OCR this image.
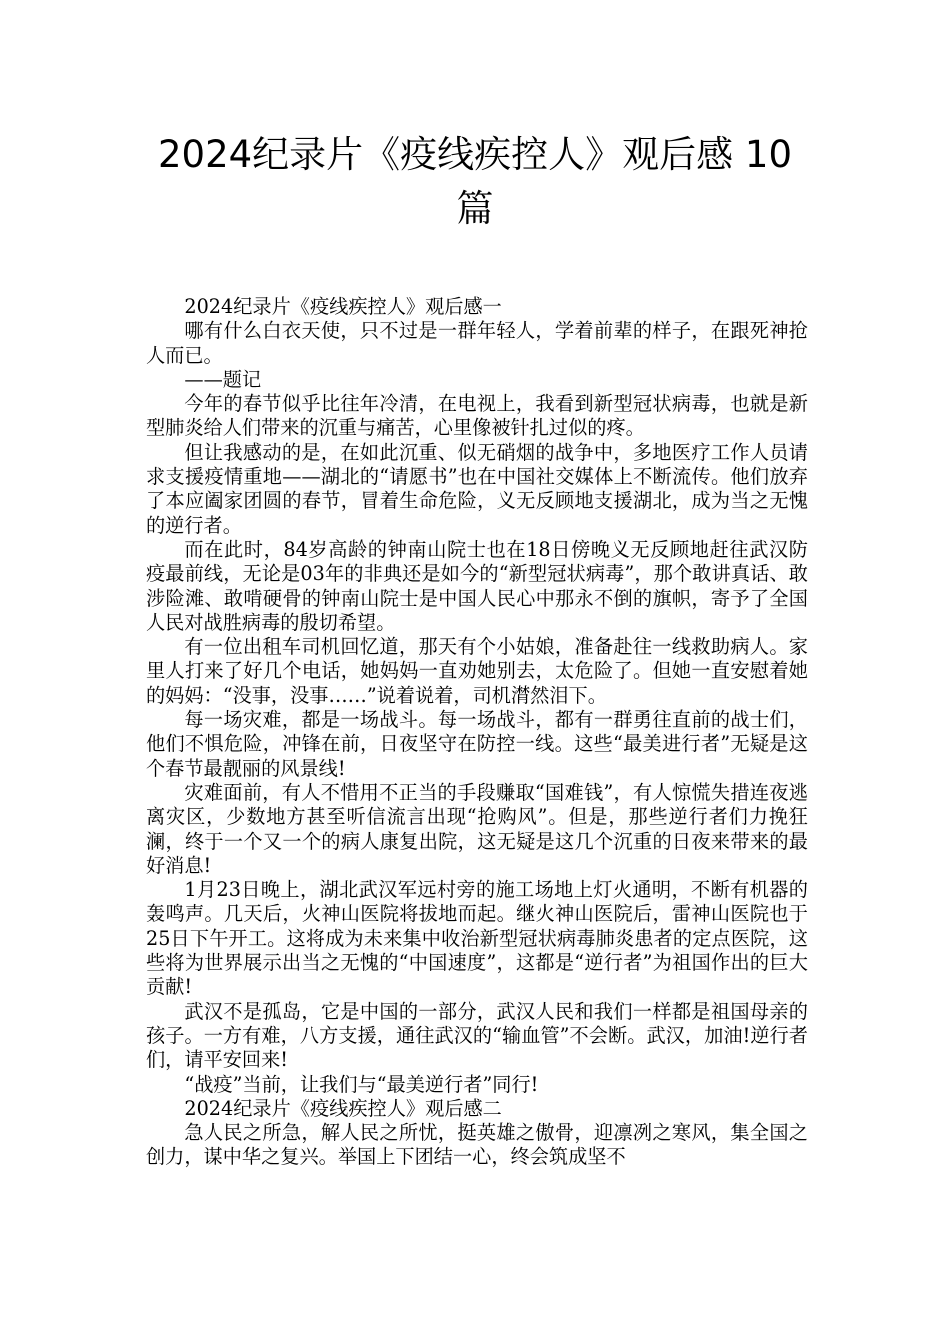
2024纪录片《疫线疾控人》观后感 10篇

2024纪录片《疫线疾控人》观后感一

哪有什么白衣天使，只不过是一群年轻人，学着前辈的样子，在跟死神抢人而已。

——题记

今年的春节似乎比往年冷清，在电视上，我看到新型冠状病毒，也就是新型肺炎给人们带来的沉重与痛苦，心里像被针扎过似的疼。

但让我感动的是，在如此沉重、似无硝烟的战争中，多地医疗工作人员请求支援疫情重地——湖北的“请愿书”也在中国社交媒体上不断流传。他们放弃了本应阖家团圆的春节，冒着生命危险，义无反顾地支援湖北，成为当之无愧的逆行者。

而在此时，84岁高龄的钟南山院士也在18日傍晚义无反顾地赶往武汉防疫最前线，无论是03年的非典还是如今的“新型冠状病毒”，那个敢讲真话、敢涉险滩、敢啃硬骨的钟南山院士是中国人民心中那永不倒的旗帜，寄予了全国人民对战胜病毒的殷切希望。

有一位出租车司机回忆道，那天有个小姑娘，准备赴往一线救助病人。家里人打来了好几个电话，她妈妈一直劝她别去，太危险了。但她一直安慰着她的妈妈：“没事，没事……”说着说着，司机潸然泪下。

每一场灾难，都是一场战斗。每一场战斗，都有一群勇往直前的战士们，他们不惧危险，冲锋在前，日夜坚守在防控一线。这些“最美进行者”无疑是这个春节最靓丽的风景线!

灾难面前，有人不惜用不正当的手段赚取“国难钱”，有人惊慌失措连夜逃离灾区，少数地方甚至听信流言出现“抢购风”。但是，那些逆行者们力挽狂澜，终于一个又一个的病人康复出院，这无疑是这几个沉重的日夜来带来的最好消息!

1月23日晚上，湖北武汉军远村旁的施工场地上灯火通明，不断有机器的轰鸣声。几天后，火神山医院将拔地而起。继火神山医院后，雷神山医院也于25日下午开工。这将成为未来集中收治新型冠状病毒肺炎患者的定点医院，这些将为世界展示出当之无愧的“中国速度”，这都是“逆行者”为祖国作出的巨大贡献!

武汉不是孤岛，它是中国的一部分，武汉人民和我们一样都是祖国母亲的孩子。一方有难，八方支援，通往武汉的“输血管”不会断。武汉，加油!逆行者们，请平安回来!

“战疫”当前，让我们与“最美逆行者”同行!

2024纪录片《疫线疾控人》观后感二

急人民之所急，解人民之所忧，挺英雄之傲骨，迎凛冽之寒风，集全国之创力，谋中华之复兴。举国上下团结一心，终会筑成坚不
